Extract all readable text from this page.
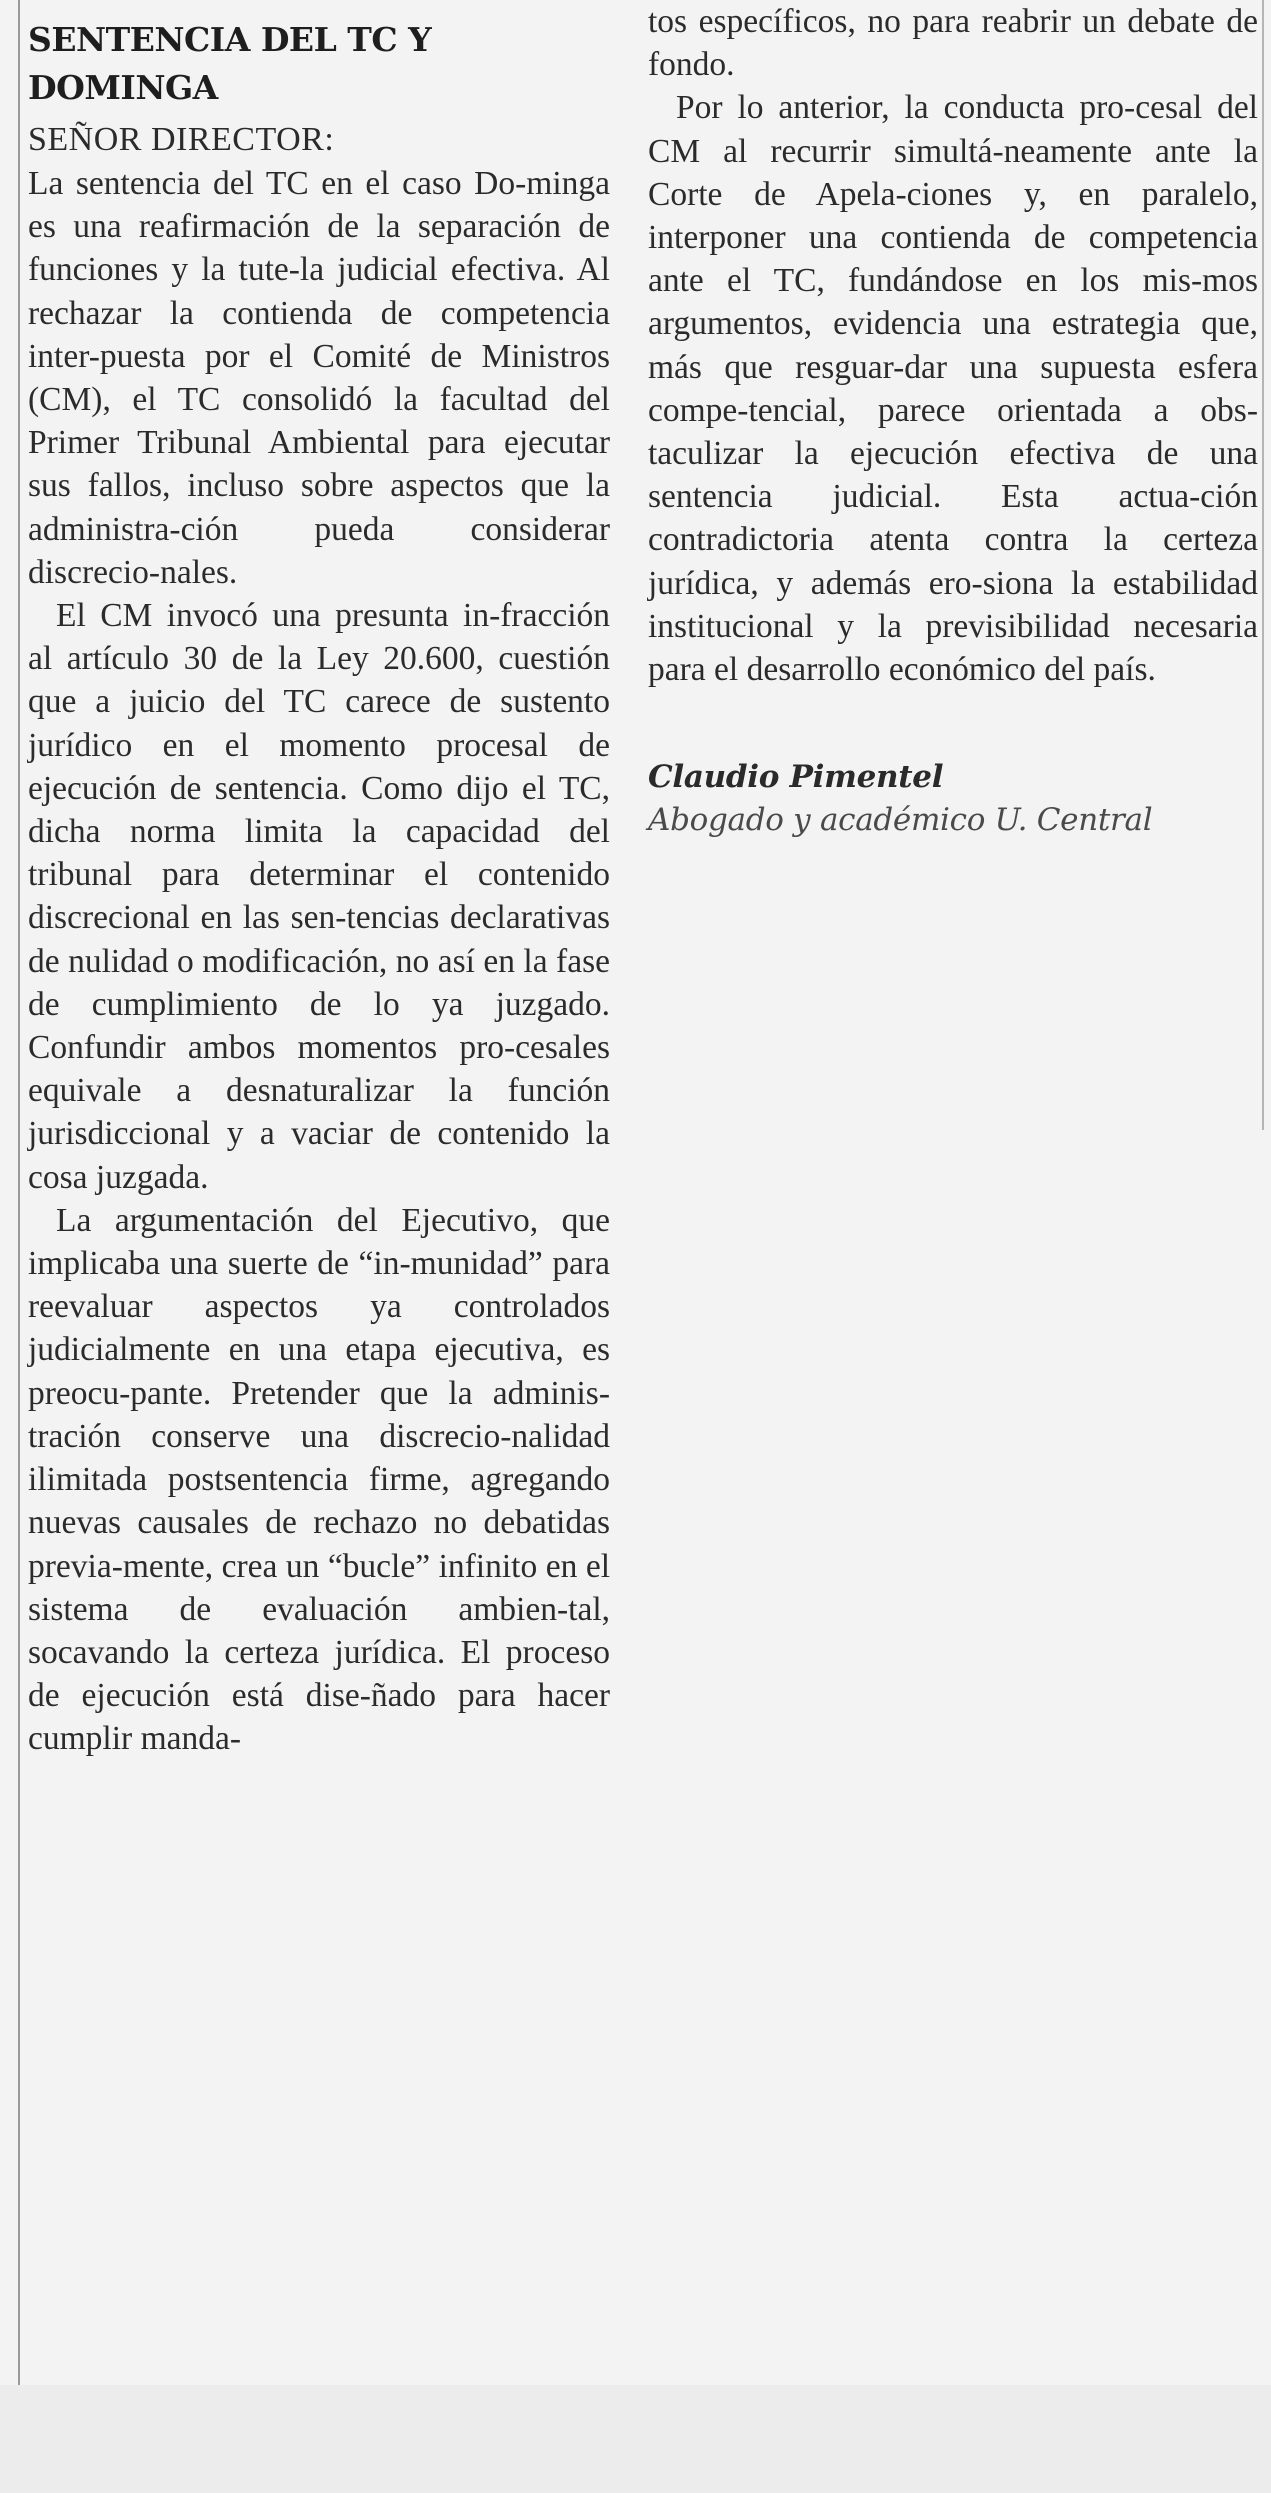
SENTENCIA DEL TC Y
DOMINGA

SEÑOR DIRECTOR:

La sentencia del TC en el caso Do-minga es una reafirmación de la separación de funciones y la tute-la judicial efectiva. Al rechazar la contienda de competencia inter-puesta por el Comité de Ministros (CM), el TC consolidó la facultad del Primer Tribunal Ambiental para ejecutar sus fallos, incluso sobre aspectos que la administra-ción pueda considerar discrecio-nales.

El CM invocó una presunta in-fracción al artículo 30 de la Ley 20.600, cuestión que a juicio del TC carece de sustento jurídico en el momento procesal de ejecución de sentencia. Como dijo el TC, dicha norma limita la capacidad del tribunal para determinar el contenido discrecional en las sen-tencias declarativas de nulidad o modificación, no así en la fase de cumplimiento de lo ya juzgado. Confundir ambos momentos pro-cesales equivale a desnaturalizar la función jurisdiccional y a vaciar de contenido la cosa juzgada.

La argumentación del Ejecutivo, que implicaba una suerte de “in-munidad” para reevaluar aspectos ya controlados judicialmente en una etapa ejecutiva, es preocu-pante. Pretender que la adminis-tración conserve una discrecio-nalidad ilimitada postsentencia firme, agregando nuevas causales de rechazo no debatidas previa-mente, crea un “bucle” infinito en el sistema de evaluación ambien-tal, socavando la certeza jurídica. El proceso de ejecución está dise-ñado para hacer cumplir manda-

tos específicos, no para reabrir un debate de fondo.

Por lo anterior, la conducta pro-cesal del CM al recurrir simultá-neamente ante la Corte de Apela-ciones y, en paralelo, interponer una contienda de competencia ante el TC, fundándose en los mis-mos argumentos, evidencia una estrategia que, más que resguar-dar una supuesta esfera compe-tencial, parece orientada a obs-taculizar la ejecución efectiva de una sentencia judicial. Esta actua-ción contradictoria atenta contra la certeza jurídica, y además ero-siona la estabilidad institucional y la previsibilidad necesaria para el desarrollo económico del país.

Claudio Pimentel
Abogado y académico U. Central
